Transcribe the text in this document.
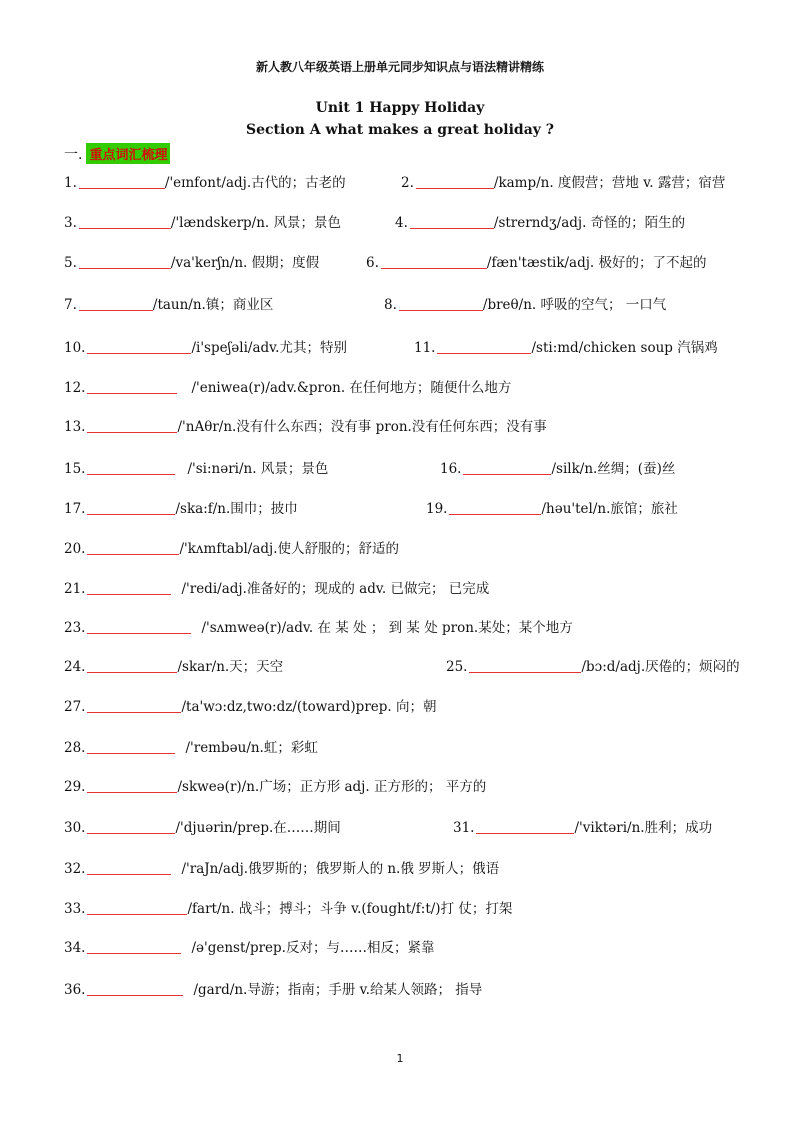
新人教八年级英语上册单元同步知识点与语法精讲精练
Unit 1 Happy Holiday
Section A what makes a great holiday ?
一. 重点词汇梳理
1.	/'eɪnfont/adj.古代的；古老的	2.	/kamp/n. 度假营；营地 v. 露营；宿营
3.	/'lændskerp/n. 风景；景色	4.	/strerndʒ/adj. 奇怪的；陌生的
5.	/va'kerʃn/n. 假期；度假	6.	/fæn'tæstik/adj. 极好的；了不起的
7.	/taun/n.镇；商业区	8.	/breθ/n. 呼吸的空气； 一口气
10.	/i'speʃəli/adv.尤其；特别	11.	/sti:md/chicken soup 汽锅鸡
12.	/'eniwea(r)/adv.&pron. 在任何地方；随便什么地方
13.	/'nAθr/n.没有什么东西；没有事 pron.没有任何东西；没有事
15.	/'si:nəri/n. 风景；景色	16.	/silk/n.丝绸；(蚕)丝
17.	/ska:f/n.围巾；披巾	19.	/həu'tel/n.旅馆；旅社
20.	/'kʌmftabl/adj.使人舒服的；舒适的
21.	/'redi/adj.准备好的；现成的 adv. 已做完； 已完成
23.	/'sʌmweə(r)/adv. 在 某 处 ； 到 某 处 pron.某处；某个地方
24.	/skar/n.天；天空	25.	/bɔ:d/adj.厌倦的；烦闷的
27.	/ta'wɔ:dz,two:dz/(toward)prep. 向；朝
28.	/'rembəu/n.虹；彩虹
29.	/skweə(r)/n.广场；正方形 adj. 正方形的； 平方的
30.	/'djuərin/prep.在……期间	31.	/'viktəri/n.胜利；成功
32.	/'raJn/adj.俄罗斯的；俄罗斯人的 n.俄 罗斯人；俄语
33.	/fart/n. 战斗；搏斗；斗争 v.(fought/f:t/)打 仗；打架
34.	/ə'genst/prep.反对；与……相反；紧靠
36.	/gard/n.导游；指南；手册 v.给某人领路； 指导
1
